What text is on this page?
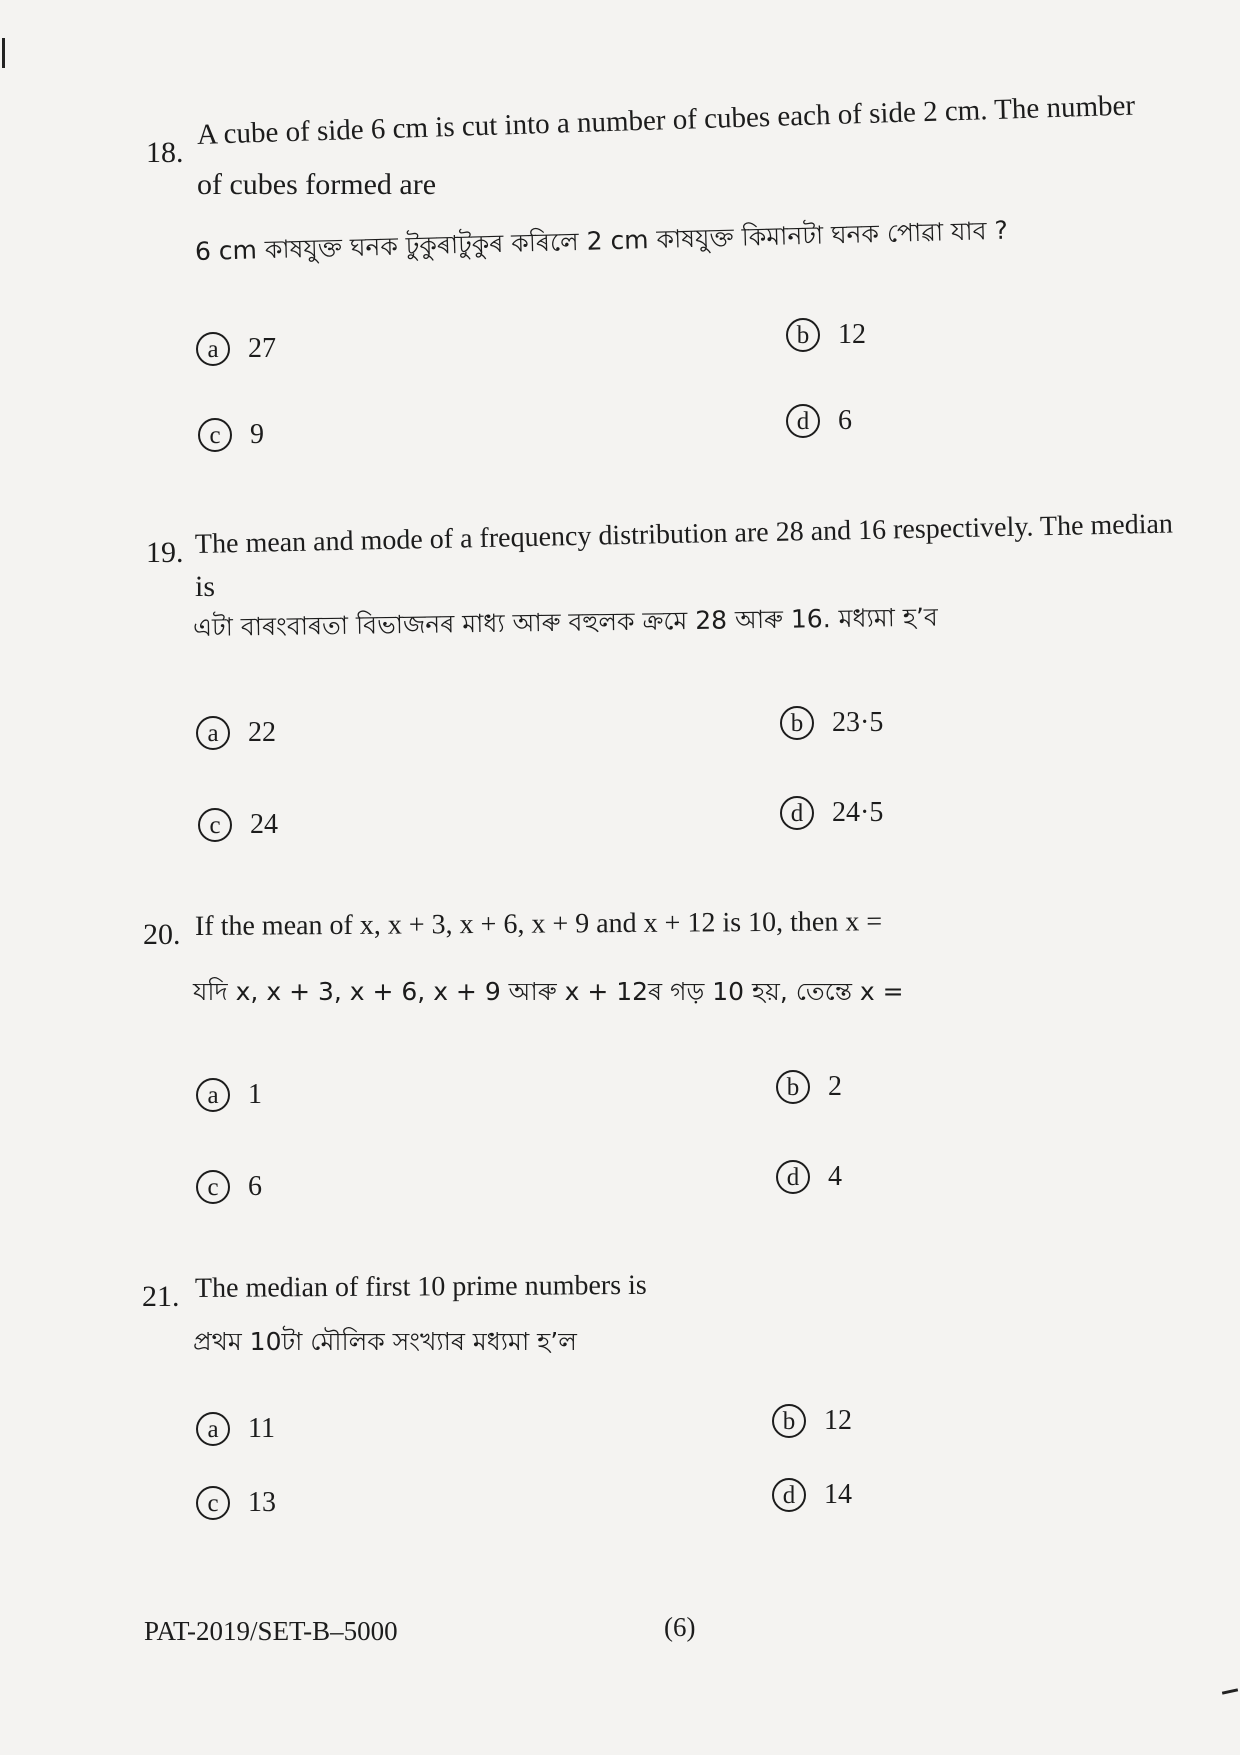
18.
A cube of side 6 cm is cut into a number of cubes each of side 2 cm. The number
of cubes formed are
6 cm কাষযুক্ত ঘনক টুকুৰাটুকুৰ কৰিলে 2 cm কাষযুক্ত কিমানটা ঘনক পোৱা যাব ?
a	27	b	12
c	9	d	6
19. The mean and mode of a frequency distribution are 28 and 16 respectively. The median
is
এটা বাৰংবাৰতা বিভাজনৰ মাধ্য আৰু বহুলক ক্ৰমে 28 আৰু 16. মধ্যমা হ’ব
a	22	b	23·5
c	24	d	24·5
20. If the mean of x, x + 3, x + 6, x + 9 and x + 12 is 10, then x =
যদি x, x + 3, x + 6, x + 9 আৰু x + 12ৰ গড় 10 হয়, তেন্তে x =
a	1	b	2
c	6	d	4
21. The median of first 10 prime numbers is
প্ৰথম 10টা মৌলিক সংখ্যাৰ মধ্যমা হ’ল
a	11	b	12
c	13	d	14
PAT-2019/SET-B–5000	(6)
